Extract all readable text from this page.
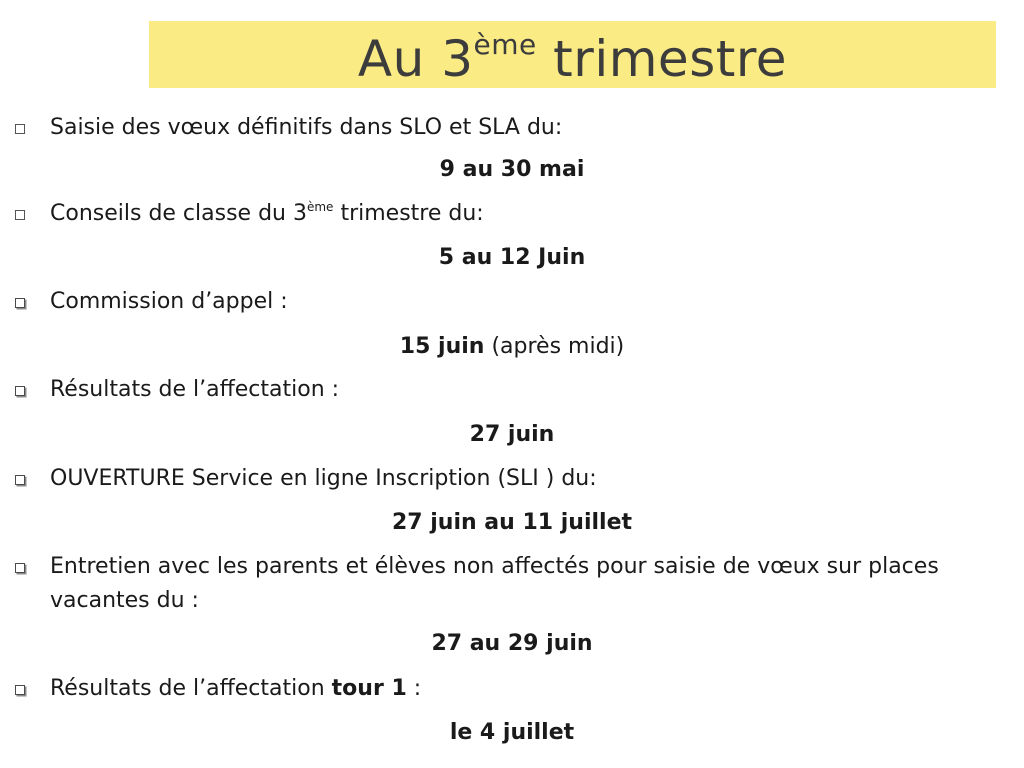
Au 3ème trimestre
Saisie des vœux définitifs dans SLO et SLA du:
9 au 30 mai
Conseils de classe du 3ème trimestre du:
5 au 12 Juin
Commission d’appel :
15 juin (après midi)
Résultats de l’affectation :
27 juin
OUVERTURE Service en ligne Inscription (SLI ) du:
27 juin au 11 juillet
Entretien avec les parents et élèves non affectés pour saisie de vœux sur places vacantes du :
27 au 29 juin
Résultats de l’affectation tour 1 :
le 4 juillet
